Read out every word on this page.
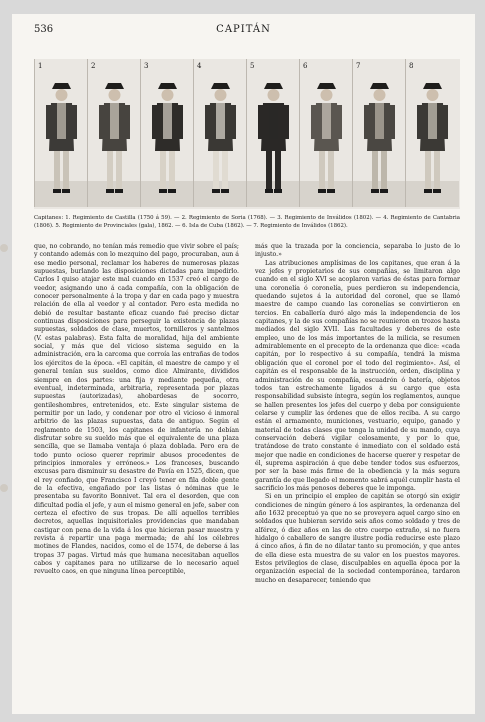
CAPITÁN
536
1	2	3	4	5	6	7	8
Capitanes: 1. Regimiento de Castilla (1750 á 59). — 2. Regimiento de Soria (1768). — 3. Regimiento de Inválidos (1802). — 4. Regimiento de Cantabria (1806). 5. Regimiento de Provinciales (gala), 1862. — 6. Isla de Cuba (1862). — 7. Regimiento de Inválidos (1862).

que, no cobrando, no tenían más remedio que vivir sobre el país; y contando además con lo mezquino del pago, procuraban, aun á ese medio personal, reclamar los haberes de numerosas plazas supuestas, burlando las disposiciones dictadas para impedirlo. Carlos I quiso atajar este mal cuando en 1537 creó el cargo de veedor, asignando uno á cada compañía, con la obligación de conocer personalmente á la tropa y dar en cada pago y muestra relación de ella al veedor y al contador. Pero esta medida no debió de resultar bastante eficaz cuando fué preciso dictar continuas disposiciones para perseguir la existencia de plazas supuestas, soldados de clase, muertos, tornilleros y santelmos (V. estas palabras). Esta falta de moralidad, hija del ambiente social, y más que del vicioso sistema seguido en la administración, era la carcoma que corroía las entrañas de todos los ejércitos de la época. «El capitán, el maestre de campo y el general tenían sus sueldos, como dice Almirante, divididos siempre en dos partes: una fija y mediante pequeña, otra eventual, indeterminada, arbitraria, representada por plazas supuestas (autorizadas), ahobardesas de socorro, gentileshombres, entretenidos, etc. Este singular sistema de permitir por un lado, y condenar por otro el vicioso é inmoral arbitrio de las plazas supuestas, data de antiguo. Según el reglamento de 1503, los capitanes de infantería no debían disfrutar sobre su sueldo más que el equivalente de una plaza sencilla, que se llamaba ventaja ó plaza doblada. Pero era de todo punto ocioso querer reprimir abusos procedentes de principios inmorales y erróneos.» Los franceses, buscando excusas para disminuir su desastre de Pavía en 1525, dicen, que el rey confiado, que Francisco I creyó tener en fila doble gente de la efectiva, engañado por las listas ó nóminas que le presentaba su favorito Bonnivet. Tal era el desorden, que con dificultad podía el jefe, y aun el mismo general en jefe, saber con certeza el efectivo de sus tropas. De allí aquellos terribles decretos, aquellas inquisitoriales providencias que mandaban castigar con pena de la vida á los que hicieran pasar muestra y revista á repartir una paga mermada; de ahí los célebres motines de Flandes, nacidos, como el de 1574, de deberse á las tropas 37 pagas. Virtud más que humana necesitaban aquellos cabos y capitanes para no utilizarse de lo necesario aquel revuelto caos, en que ninguna línea perceptible,

más que la trazada por la conciencia, separaba lo justo de lo injusto.»

Las atribuciones amplísimas de los capitanes, que eran á la vez jefes y propietarios de sus compañías, se limitaron algo cuando en el siglo XVI se acoplaron varias de éstas para formar una coronelía ó coronelía, pues perdieron su independencia, quedando sujetos á la autoridad del coronel, que se llamó maestre de campo cuando las coronelías se convirtieron en tercios. En caballería duró algo más la independencia de los capitanes, y la de sus compañías no se reunieron en trozos hasta mediados del siglo XVII. Las facultades y deberes de este empleo, uno de los más importantes de la milicia, se resumen admirablemente en el precepto de la ordenanza que dice: «cada capitán, por lo respectivo á su compañía, tendrá la misma obligación que el coronel por el todo del regimiento». Así, el capitán es el responsable de la instrucción, orden, disciplina y administración de su compañía, escuadrón ó batería, objetos todos tan estrechamente ligados á su cargo que esta responsabilidad subsiste íntegra, según los reglamentos, aunque se hallen presentes los jefes del cuerpo y deba por consiguiente celarse y cumplir las órdenes que de ellos reciba. A su cargo están el armamento, municiones, vestuario, equipo, ganado y material de todas clases que tenga la unidad de su mando, cuya conservación deberá vigilar celosamente, y por lo que, tratándose de trato constante é inmediato con el soldado está mejor que nadie en condiciones de hacerse querer y respetar de él, suprema aspiración á que debe tender todos sus esfuerzos, por ser la base más firme de la obediencia y la más segura garantía de que llegado el momento sabrá aquél cumplir hasta el sacrificio los más penosos deberes que le imponga.

Si en un principio el empleo de capitán se otorgó sin exigir condiciones de ningún género á los aspirantes, la ordenanza del año 1632 preceptuó ya que no se proveyera aquel cargo sino en soldados que hubieran servido seis años como soldado y tres de alférez, ó diez años en las de otro cuerpo extraño, si no fuera hidalgo ó caballero de sangre ilustre podía reducirse este plazo á cinco años, á fin de no dilatar tanto su promoción, y que antes de ella diese esta muestra de su valor en los puestos mayores. Estos privilegios de clase, disculpables en aquella época por la organización especial de la sociedad contemporánea, tardaron mucho en desaparecer, teniendo que
